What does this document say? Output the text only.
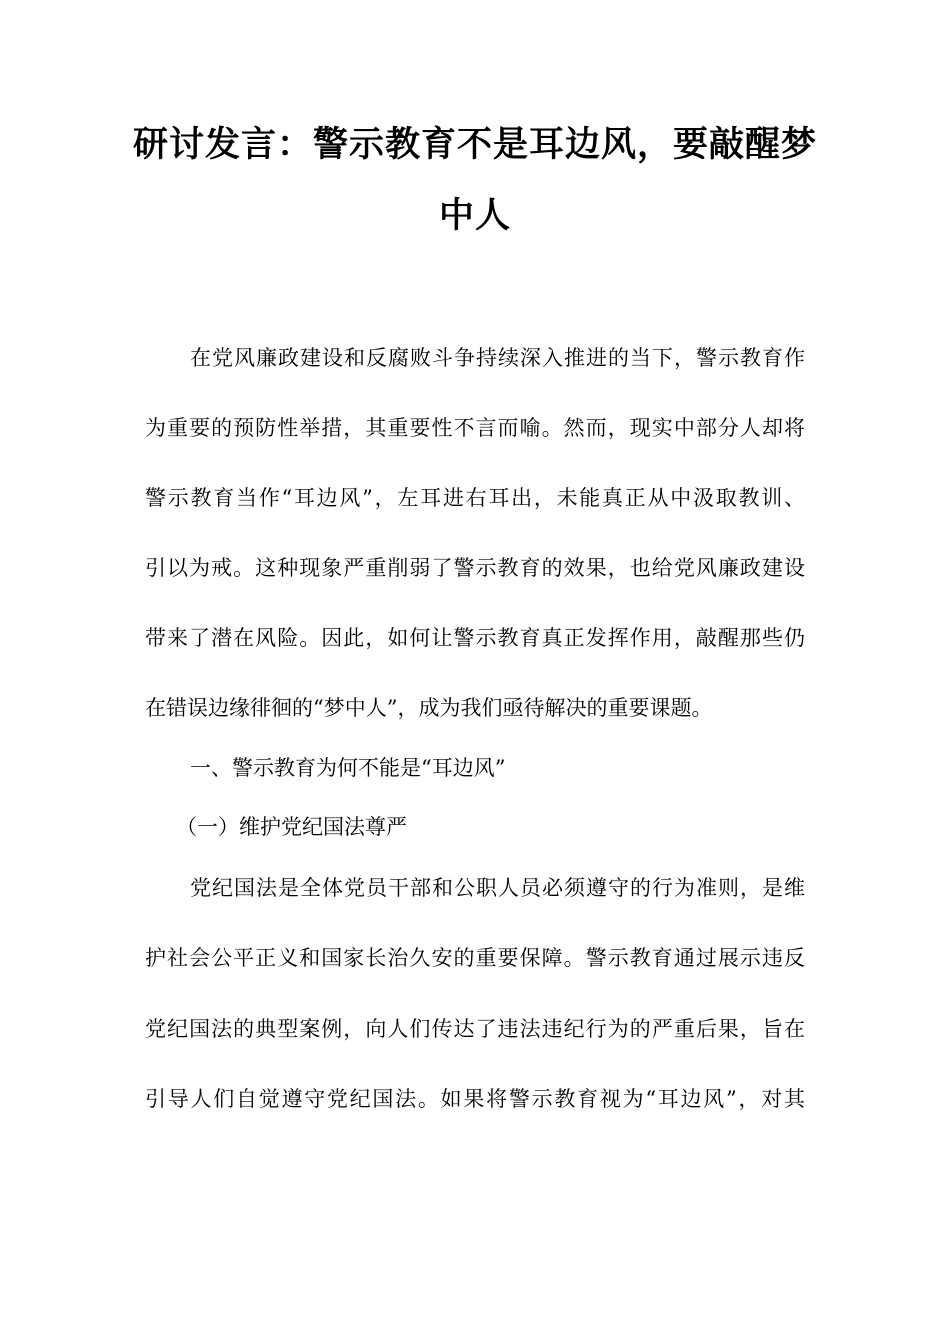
研讨发言：警示教育不是耳边风，要敲醒梦
中人
在党风廉政建设和反腐败斗争持续深入推进的当下，警示教育作
为重要的预防性举措，其重要性不言而喻。然而，现实中部分人却将
警示教育当作“耳边风”，左耳进右耳出，未能真正从中汲取教训、
引以为戒。这种现象严重削弱了警示教育的效果，也给党风廉政建设
带来了潜在风险。因此，如何让警示教育真正发挥作用，敲醒那些仍
在错误边缘徘徊的“梦中人”，成为我们亟待解决的重要课题。
一、警示教育为何不能是“耳边风”
（一）维护党纪国法尊严
党纪国法是全体党员干部和公职人员必须遵守的行为准则，是维
护社会公平正义和国家长治久安的重要保障。警示教育通过展示违反
党纪国法的典型案例，向人们传达了违法违纪行为的严重后果，旨在
引导人们自觉遵守党纪国法。如果将警示教育视为“耳边风”，对其
